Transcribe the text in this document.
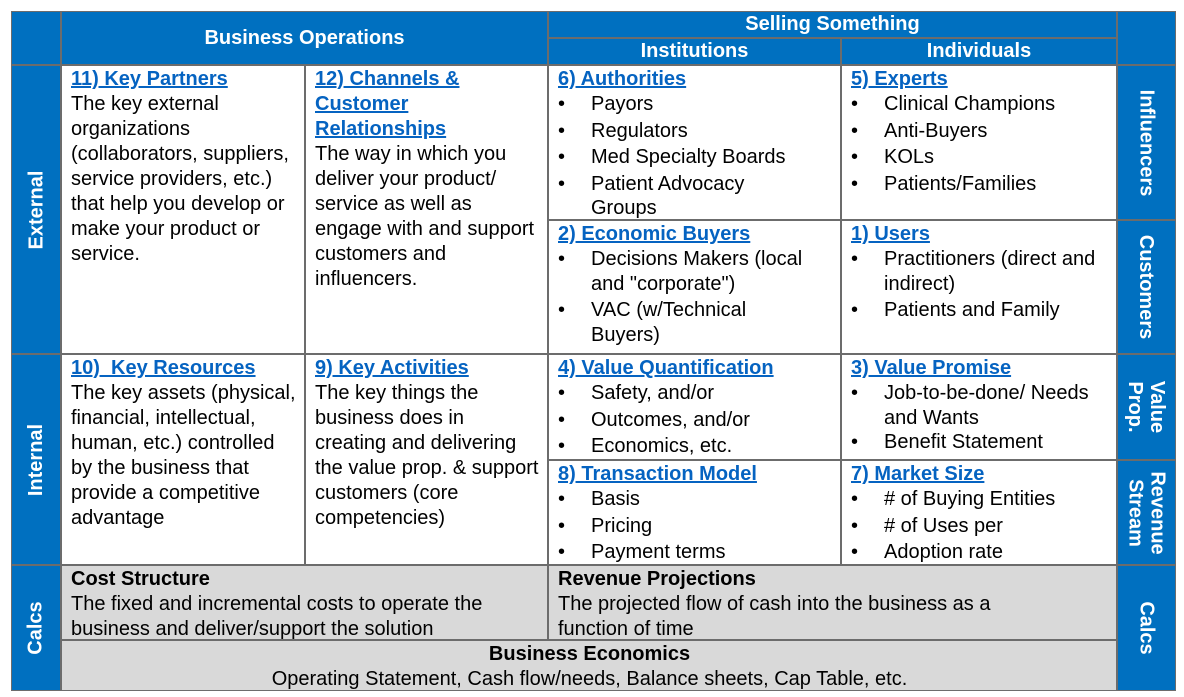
Business Operations
Selling Something
Institutions	Individuals
External
Internal
Calcs
Influencers
Customers
Value
Prop.
Revenue
Stream
Calcs
11) Key Partners
The key external organizations (collaborators, suppliers, service providers, etc.) that help you develop or make your product or service.
12) Channels & Customer Relationships
The way in which you deliver your product/ service as well as engage with and support customers and influencers.
6) Authorities
• Payors
• Regulators
• Med Specialty Boards
• Patient Advocacy Groups
5) Experts
• Clinical Champions
• Anti-Buyers
• KOLs
• Patients/Families
2) Economic Buyers
• Decisions Makers (local and "corporate")
• VAC (w/Technical Buyers)
1) Users
• Practitioners (direct and indirect)
• Patients and Family
10)  Key Resources
The key assets (physical, financial, intellectual, human, etc.) controlled by the business that provide a competitive advantage
9) Key Activities
The key things the business does in creating and delivering the value prop. & support customers (core competencies)
4) Value Quantification
• Safety, and/or
• Outcomes, and/or
• Economics, etc.
3) Value Promise
• Job-to-be-done/ Needs and Wants
• Benefit Statement
8) Transaction Model
• Basis
• Pricing
• Payment terms
7) Market Size
• # of Buying Entities
• # of Uses per
• Adoption rate
Cost Structure
The fixed and incremental costs to operate the business and deliver/support the solution
Revenue Projections
The projected flow of cash into the business as a function of time
Business Economics
Operating Statement, Cash flow/needs, Balance sheets, Cap Table, etc.
